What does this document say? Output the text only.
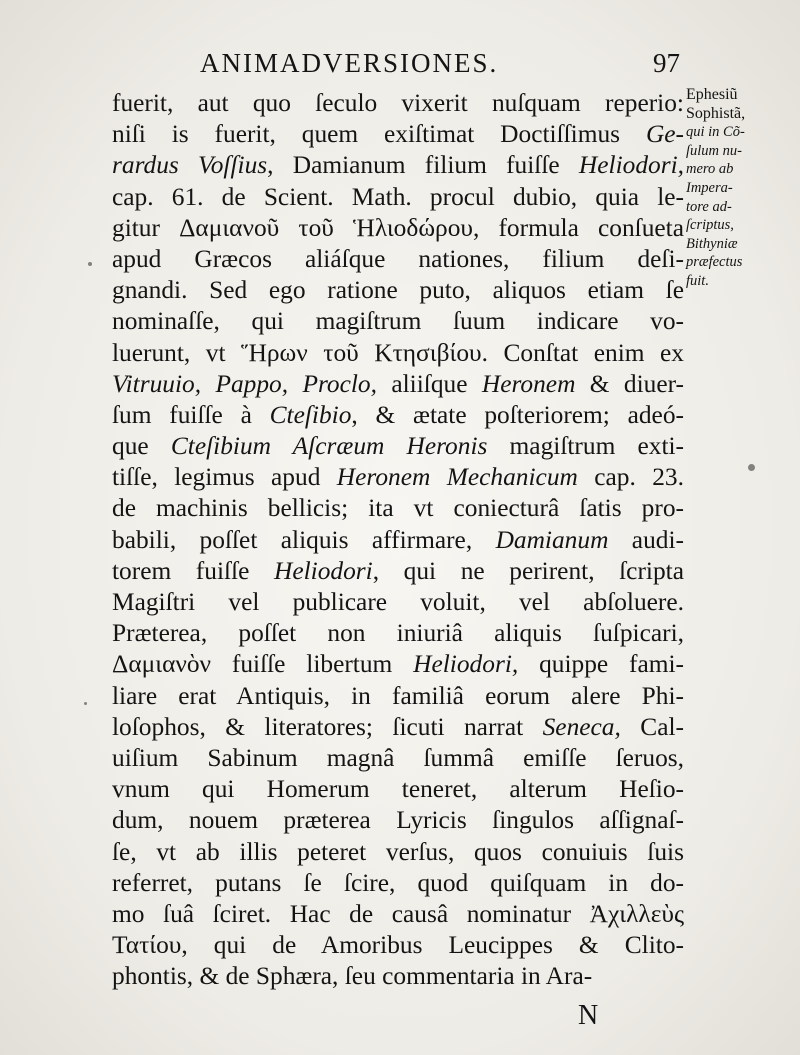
ANIMADVERSIONES.	97
fuerit, aut quo ſeculo vixerit nuſquam reperio:
niſi is fuerit, quem exiſtimat Doctiſſimus Ge-
rardus Voſſius, Damianum filium fuiſſe Heliodori,
cap. 61. de Scient. Math. procul dubio, quia le-
gitur Δαμιανοῦ τοῦ Ἡλιοδώρου, formula conſueta
apud Græcos aliáſque nationes, filium deſi-
gnandi. Sed ego ratione puto, aliquos etiam ſe
nominaſſe, qui magiſtrum ſuum indicare vo-
luerunt, vt Ἥρων τοῦ Κτησιβίου. Conſtat enim ex
Vitruuio, Pappo, Proclo, aliiſque Heronem & diuer-
ſum fuiſſe à Cteſibio, & ætate poſteriorem; adeó-
que Cteſibium Aſcræum Heronis magiſtrum exti-
tiſſe, legimus apud Heronem Mechanicum cap. 23.
de machinis bellicis; ita vt coniecturâ ſatis pro-
babili, poſſet aliquis affirmare, Damianum audi-
torem fuiſſe Heliodori, qui ne perirent, ſcripta
Magiſtri vel publicare voluit, vel abſoluere.
Præterea, poſſet non iniuriâ aliquis ſuſpicari,
Δαμιανὸν fuiſſe libertum Heliodori, quippe fami-
liare erat Antiquis, in familiâ eorum alere Phi-
loſophos, & literatores; ſicuti narrat Seneca, Cal-
uiſium Sabinum magnâ ſummâ emiſſe ſeruos,
vnum qui Homerum teneret, alterum Heſio-
dum, nouem præterea Lyricis ſingulos aſſignaſ-
ſe, vt ab illis peteret verſus, quos conuiuis ſuis
referret, putans ſe ſcire, quod quiſquam in do-
mo ſuâ ſciret. Hac de causâ nominatur Ἀχιλλεὺς
Τατίου, qui de Amoribus Leucippes & Clito-
phontis, & de Sphæra, ſeu commentaria in Ara-
Ephesiũ
Sophistã,
qui in Cõ-
ſulum nu-
mero ab
Impera-
tore ad-
ſcriptus,
Bithyniæ
præfectus
fuit.
N
